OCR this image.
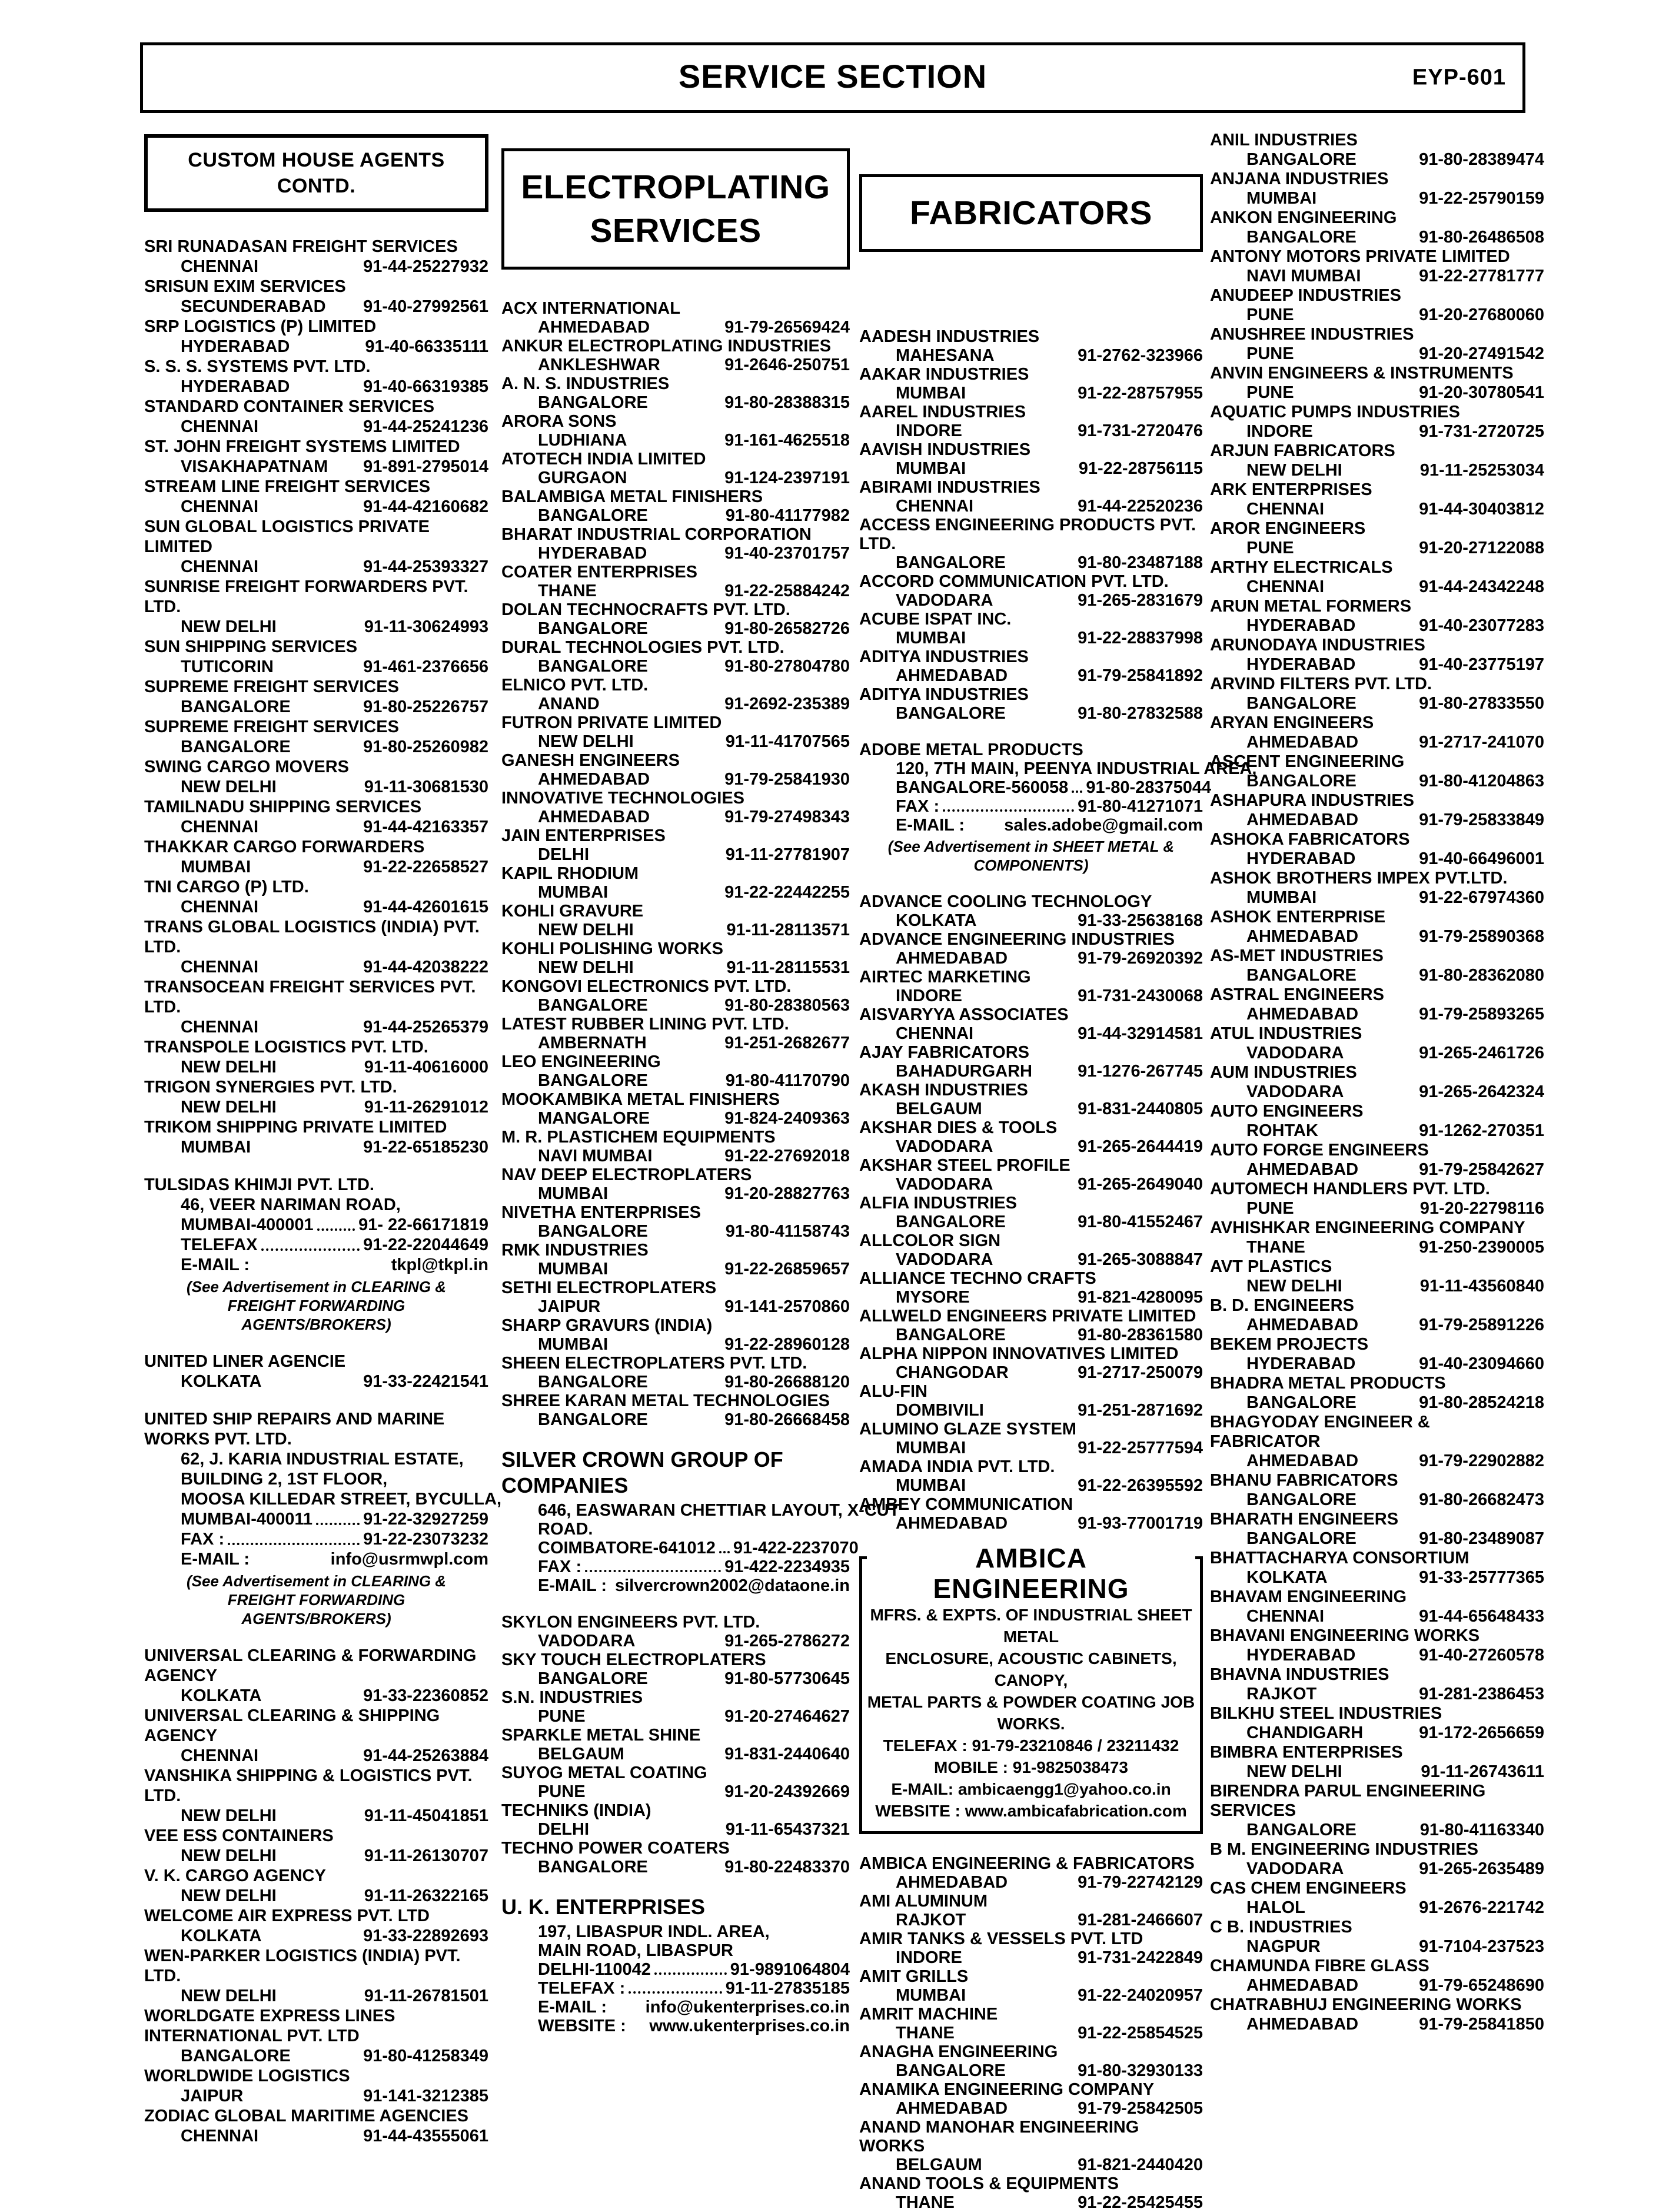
SERVICE SECTION	EYP-601
CUSTOM HOUSE AGENTS
CONTD.
SRI RUNADASAN FREIGHT SERVICES
CHENNAI	91-44-25227932
SRISUN EXIM SERVICES
SECUNDERABAD 91-40-27992561
SRP LOGISTICS (P) LIMITED
HYDERABAD	91-40-66335111
S. S. S. SYSTEMS PVT. LTD.
HYDERABAD	91-40-66319385
STANDARD CONTAINER SERVICES
CHENNAI	91-44-25241236
ST. JOHN FREIGHT SYSTEMS LIMITED
VISAKHAPATNAM 91-891-2795014
STREAM LINE FREIGHT SERVICES
CHENNAI	91-44-42160682
SUN GLOBAL LOGISTICS PRIVATE LIMITED
CHENNAI	91-44-25393327
SUNRISE FREIGHT FORWARDERS PVT. LTD.
NEW DELHI	91-11-30624993
SUN SHIPPING SERVICES
TUTICORIN	91-461-2376656
SUPREME FREIGHT SERVICES
BANGALORE	91-80-25226757
SUPREME FREIGHT SERVICES
BANGALORE	91-80-25260982
SWING CARGO MOVERS
NEW DELHI	91-11-30681530
TAMILNADU SHIPPING SERVICES
CHENNAI	91-44-42163357
THAKKAR CARGO FORWARDERS
MUMBAI	91-22-22658527
TNI CARGO (P) LTD.
CHENNAI	91-44-42601615
TRANS GLOBAL LOGISTICS (INDIA) PVT. LTD.
CHENNAI	91-44-42038222
TRANSOCEAN FREIGHT SERVICES PVT. LTD.
CHENNAI	91-44-25265379
TRANSPOLE LOGISTICS PVT. LTD.
NEW DELHI	91-11-40616000
TRIGON SYNERGIES PVT. LTD.
NEW DELHI	91-11-26291012
TRIKOM SHIPPING PRIVATE LIMITED
MUMBAI	91-22-65185230
TULSIDAS KHIMJI PVT. LTD.
46, VEER NARIMAN ROAD,
MUMBAI-400001	91- 22-66171819
TELEFAX	91-22-22044649
E-MAIL :	tkpl@tkpl.in
(See Advertisement in CLEARING & FREIGHT FORWARDING AGENTS/BROKERS)
UNITED LINER AGENCIE
KOLKATA	91-33-22421541
UNITED SHIP REPAIRS AND MARINE WORKS PVT. LTD.
62, J. KARIA INDUSTRIAL ESTATE,
BUILDING 2, 1ST FLOOR,
MOOSA KILLEDAR STREET, BYCULLA,
MUMBAI-400011	91-22-32927259
FAX :	91-22-23073232
E-MAIL :	info@usrmwpl.com
(See Advertisement in CLEARING & FREIGHT FORWARDING AGENTS/BROKERS)
UNIVERSAL CLEARING & FORWARDING AGENCY
KOLKATA	91-33-22360852
UNIVERSAL CLEARING & SHIPPING AGENCY
CHENNAI	91-44-25263884
VANSHIKA SHIPPING & LOGISTICS PVT. LTD.
NEW DELHI	91-11-45041851
VEE ESS CONTAINERS
NEW DELHI	91-11-26130707
V. K. CARGO AGENCY
NEW DELHI	91-11-26322165
WELCOME AIR EXPRESS PVT. LTD
KOLKATA	91-33-22892693
WEN-PARKER LOGISTICS (INDIA) PVT. LTD.
NEW DELHI	91-11-26781501
WORLDGATE EXPRESS LINES INTERNATIONAL PVT. LTD
BANGALORE	91-80-41258349
WORLDWIDE LOGISTICS
JAIPUR	91-141-3212385
ZODIAC GLOBAL MARITIME AGENCIES
CHENNAI	91-44-43555061
ELECTROPLATING
SERVICES
ACX INTERNATIONAL
AHMEDABAD	91-79-26569424
ANKUR ELECTROPLATING INDUSTRIES
ANKLESHWAR	91-2646-250751
A. N. S. INDUSTRIES
BANGALORE	91-80-28388315
ARORA SONS
LUDHIANA	91-161-4625518
ATOTECH INDIA LIMITED
GURGAON	91-124-2397191
BALAMBIGA METAL FINISHERS
BANGALORE	91-80-41177982
BHARAT INDUSTRIAL CORPORATION
HYDERABAD	91-40-23701757
COATER ENTERPRISES
THANE	91-22-25884242
DOLAN TECHNOCRAFTS PVT. LTD.
BANGALORE	91-80-26582726
DURAL TECHNOLOGIES PVT. LTD.
BANGALORE	91-80-27804780
ELNICO PVT. LTD.
ANAND	91-2692-235389
FUTRON PRIVATE LIMITED
NEW DELHI	91-11-41707565
GANESH ENGINEERS
AHMEDABAD	91-79-25841930
INNOVATIVE TECHNOLOGIES
AHMEDABAD	91-79-27498343
JAIN ENTERPRISES
DELHI	91-11-27781907
KAPIL RHODIUM
MUMBAI	91-22-22442255
KOHLI GRAVURE
NEW DELHI	91-11-28113571
KOHLI POLISHING WORKS
NEW DELHI	91-11-28115531
KONGOVI ELECTRONICS PVT. LTD.
BANGALORE	91-80-28380563
LATEST RUBBER LINING PVT. LTD.
AMBERNATH	91-251-2682677
LEO ENGINEERING
BANGALORE	91-80-41170790
MOOKAMBIKA METAL FINISHERS
MANGALORE	91-824-2409363
M. R. PLASTICHEM EQUIPMENTS
NAVI MUMBAI	91-22-27692018
NAV DEEP ELECTROPLATERS
MUMBAI	91-20-28827763
NIVETHA ENTERPRISES
BANGALORE	91-80-41158743
RMK INDUSTRIES
MUMBAI	91-22-26859657
SETHI ELECTROPLATERS
JAIPUR	91-141-2570860
SHARP GRAVURS (INDIA)
MUMBAI	91-22-28960128
SHEEN ELECTROPLATERS PVT. LTD.
BANGALORE	91-80-26688120
SHREE KARAN METAL TECHNOLOGIES
BANGALORE	91-80-26668458
SILVER CROWN GROUP OF COMPANIES
646, EASWARAN CHETTIAR LAYOUT, X-CUT
ROAD.
COIMBATORE-641012 91-422-2237070
FAX :	91-422-2234935
E-MAIL : silvercrown2002@dataone.in
SKYLON ENGINEERS PVT. LTD.
VADODARA	91-265-2786272
SKY TOUCH ELECTROPLATERS
BANGALORE	91-80-57730645
S.N. INDUSTRIES
PUNE	91-20-27464627
SPARKLE METAL SHINE
BELGAUM	91-831-2440640
SUYOG METAL COATING
PUNE	91-20-24392669
TECHNIKS (INDIA)
DELHI	91-11-65437321
TECHNO POWER COATERS
BANGALORE	91-80-22483370
U. K. ENTERPRISES
197, LIBASPUR INDL. AREA,
MAIN ROAD, LIBASPUR
DELHI-110042	91-9891064804
TELEFAX :	91-11-27835185
E-MAIL : info@ukenterprises.co.in
WEBSITE : www.ukenterprises.co.in
FABRICATORS
AADESH INDUSTRIES
MAHESANA	91-2762-323966
AAKAR INDUSTRIES
MUMBAI	91-22-28757955
AAREL INDUSTRIES
INDORE	91-731-2720476
AAVISH INDUSTRIES
MUMBAI	91-22-28756115
ABIRAMI INDUSTRIES
CHENNAI	91-44-22520236
ACCESS ENGINEERING PRODUCTS PVT. LTD.
BANGALORE	91-80-23487188
ACCORD COMMUNICATION PVT. LTD.
VADODARA	91-265-2831679
ACUBE ISPAT INC.
MUMBAI	91-22-28837998
ADITYA INDUSTRIES
AHMEDABAD	91-79-25841892
ADITYA INDUSTRIES
BANGALORE	91-80-27832588
ADOBE METAL PRODUCTS
120, 7TH MAIN, PEENYA INDUSTRIAL AREA,
BANGALORE-560058 91-80-28375044
FAX :	91-80-41271071
E-MAIL : sales.adobe@gmail.com
(See Advertisement in SHEET METAL & COMPONENTS)
ADVANCE COOLING TECHNOLOGY
KOLKATA	91-33-25638168
ADVANCE ENGINEERING INDUSTRIES
AHMEDABAD	91-79-26920392
AIRTEC MARKETING
INDORE	91-731-2430068
AISVARYYA ASSOCIATES
CHENNAI	91-44-32914581
AJAY FABRICATORS
BAHADURGARH	91-1276-267745
AKASH INDUSTRIES
BELGAUM	91-831-2440805
AKSHAR DIES & TOOLS
VADODARA	91-265-2644419
AKSHAR STEEL PROFILE
VADODARA	91-265-2649040
ALFIA INDUSTRIES
BANGALORE	91-80-41552467
ALLCOLOR SIGN
VADODARA	91-265-3088847
ALLIANCE TECHNO CRAFTS
MYSORE	91-821-4280095
ALLWELD ENGINEERS PRIVATE LIMITED
BANGALORE	91-80-28361580
ALPHA NIPPON INNOVATIVES LIMITED
CHANGODAR	91-2717-250079
ALU-FIN
DOMBIVILI	91-251-2871692
ALUMINO GLAZE SYSTEM
MUMBAI	91-22-25777594
AMADA INDIA PVT. LTD.
MUMBAI	91-22-26395592
AMBEY COMMUNICATION
AHMEDABAD	91-93-77001719
AMBICA ENGINEERING
MFRS. & EXPTS. OF INDUSTRIAL SHEET METAL
ENCLOSURE, ACOUSTIC CABINETS, CANOPY,
METAL PARTS & POWDER COATING JOB WORKS.
TELEFAX : 91-79-23210846 / 23211432
MOBILE : 91-9825038473
E-MAIL: ambicaengg1@yahoo.co.in
WEBSITE : www.ambicafabrication.com
AMBICA ENGINEERING & FABRICATORS
AHMEDABAD	91-79-22742129
AMI ALUMINUM
RAJKOT	91-281-2466607
AMIR TANKS & VESSELS PVT. LTD
INDORE	91-731-2422849
AMIT GRILLS
MUMBAI	91-22-24020957
AMRIT MACHINE
THANE	91-22-25854525
ANAGHA ENGINEERING
BANGALORE	91-80-32930133
ANAMIKA ENGINEERING COMPANY
AHMEDABAD	91-79-25842505
ANAND MANOHAR ENGINEERING WORKS
BELGAUM	91-821-2440420
ANAND TOOLS & EQUIPMENTS
THANE	91-22-25425455
ANIL INDUSTRIES
BANGALORE	91-80-28389474
ANJANA INDUSTRIES
MUMBAI	91-22-25790159
ANKON ENGINEERING
BANGALORE	91-80-26486508
ANTONY MOTORS PRIVATE LIMITED
NAVI MUMBAI	91-22-27781777
ANUDEEP INDUSTRIES
PUNE	91-20-27680060
ANUSHREE INDUSTRIES
PUNE	91-20-27491542
ANVIN ENGINEERS & INSTRUMENTS
PUNE	91-20-30780541
AQUATIC PUMPS INDUSTRIES
INDORE	91-731-2720725
ARJUN FABRICATORS
NEW DELHI	91-11-25253034
ARK ENTERPRISES
CHENNAI	91-44-30403812
AROR ENGINEERS
PUNE	91-20-27122088
ARTHY ELECTRICALS
CHENNAI	91-44-24342248
ARUN METAL FORMERS
HYDERABAD	91-40-23077283
ARUNODAYA INDUSTRIES
HYDERABAD	91-40-23775197
ARVIND FILTERS PVT. LTD.
BANGALORE	91-80-27833550
ARYAN ENGINEERS
AHMEDABAD	91-2717-241070
ASCENT ENGINEERING
BANGALORE	91-80-41204863
ASHAPURA INDUSTRIES
AHMEDABAD	91-79-25833849
ASHOKA FABRICATORS
HYDERABAD	91-40-66496001
ASHOK BROTHERS IMPEX PVT.LTD.
MUMBAI	91-22-67974360
ASHOK ENTERPRISE
AHMEDABAD	91-79-25890368
AS-MET INDUSTRIES
BANGALORE	91-80-28362080
ASTRAL ENGINEERS
AHMEDABAD	91-79-25893265
ATUL INDUSTRIES
VADODARA	91-265-2461726
AUM INDUSTRIES
VADODARA	91-265-2642324
AUTO ENGINEERS
ROHTAK	91-1262-270351
AUTO FORGE ENGINEERS
AHMEDABAD	91-79-25842627
AUTOMECH HANDLERS PVT. LTD.
PUNE	91-20-22798116
AVHISHKAR ENGINEERING COMPANY
THANE	91-250-2390005
AVT PLASTICS
NEW DELHI	91-11-43560840
B. D. ENGINEERS
AHMEDABAD	91-79-25891226
BEKEM PROJECTS
HYDERABAD	91-40-23094660
BHADRA METAL PRODUCTS
BANGALORE	91-80-28524218
BHAGYODAY ENGINEER & FABRICATOR
AHMEDABAD	91-79-22902882
BHANU FABRICATORS
BANGALORE	91-80-26682473
BHARATH ENGINEERS
BANGALORE	91-80-23489087
BHATTACHARYA CONSORTIUM
KOLKATA	91-33-25777365
BHAVAM ENGINEERING
CHENNAI	91-44-65648433
BHAVANI ENGINEERING WORKS
HYDERABAD	91-40-27260578
BHAVNA INDUSTRIES
RAJKOT	91-281-2386453
BILKHU STEEL INDUSTRIES
CHANDIGARH	91-172-2656659
BIMBRA ENTERPRISES
NEW DELHI	91-11-26743611
BIRENDRA PARUL ENGINEERING SERVICES
BANGALORE	91-80-41163340
B M. ENGINEERING INDUSTRIES
VADODARA	91-265-2635489
CAS CHEM ENGINEERS
HALOL	91-2676-221742
C B. INDUSTRIES
NAGPUR	91-7104-237523
CHAMUNDA FIBRE GLASS
AHMEDABAD	91-79-65248690
CHATRABHUJ ENGINEERING WORKS
AHMEDABAD	91-79-25841850
